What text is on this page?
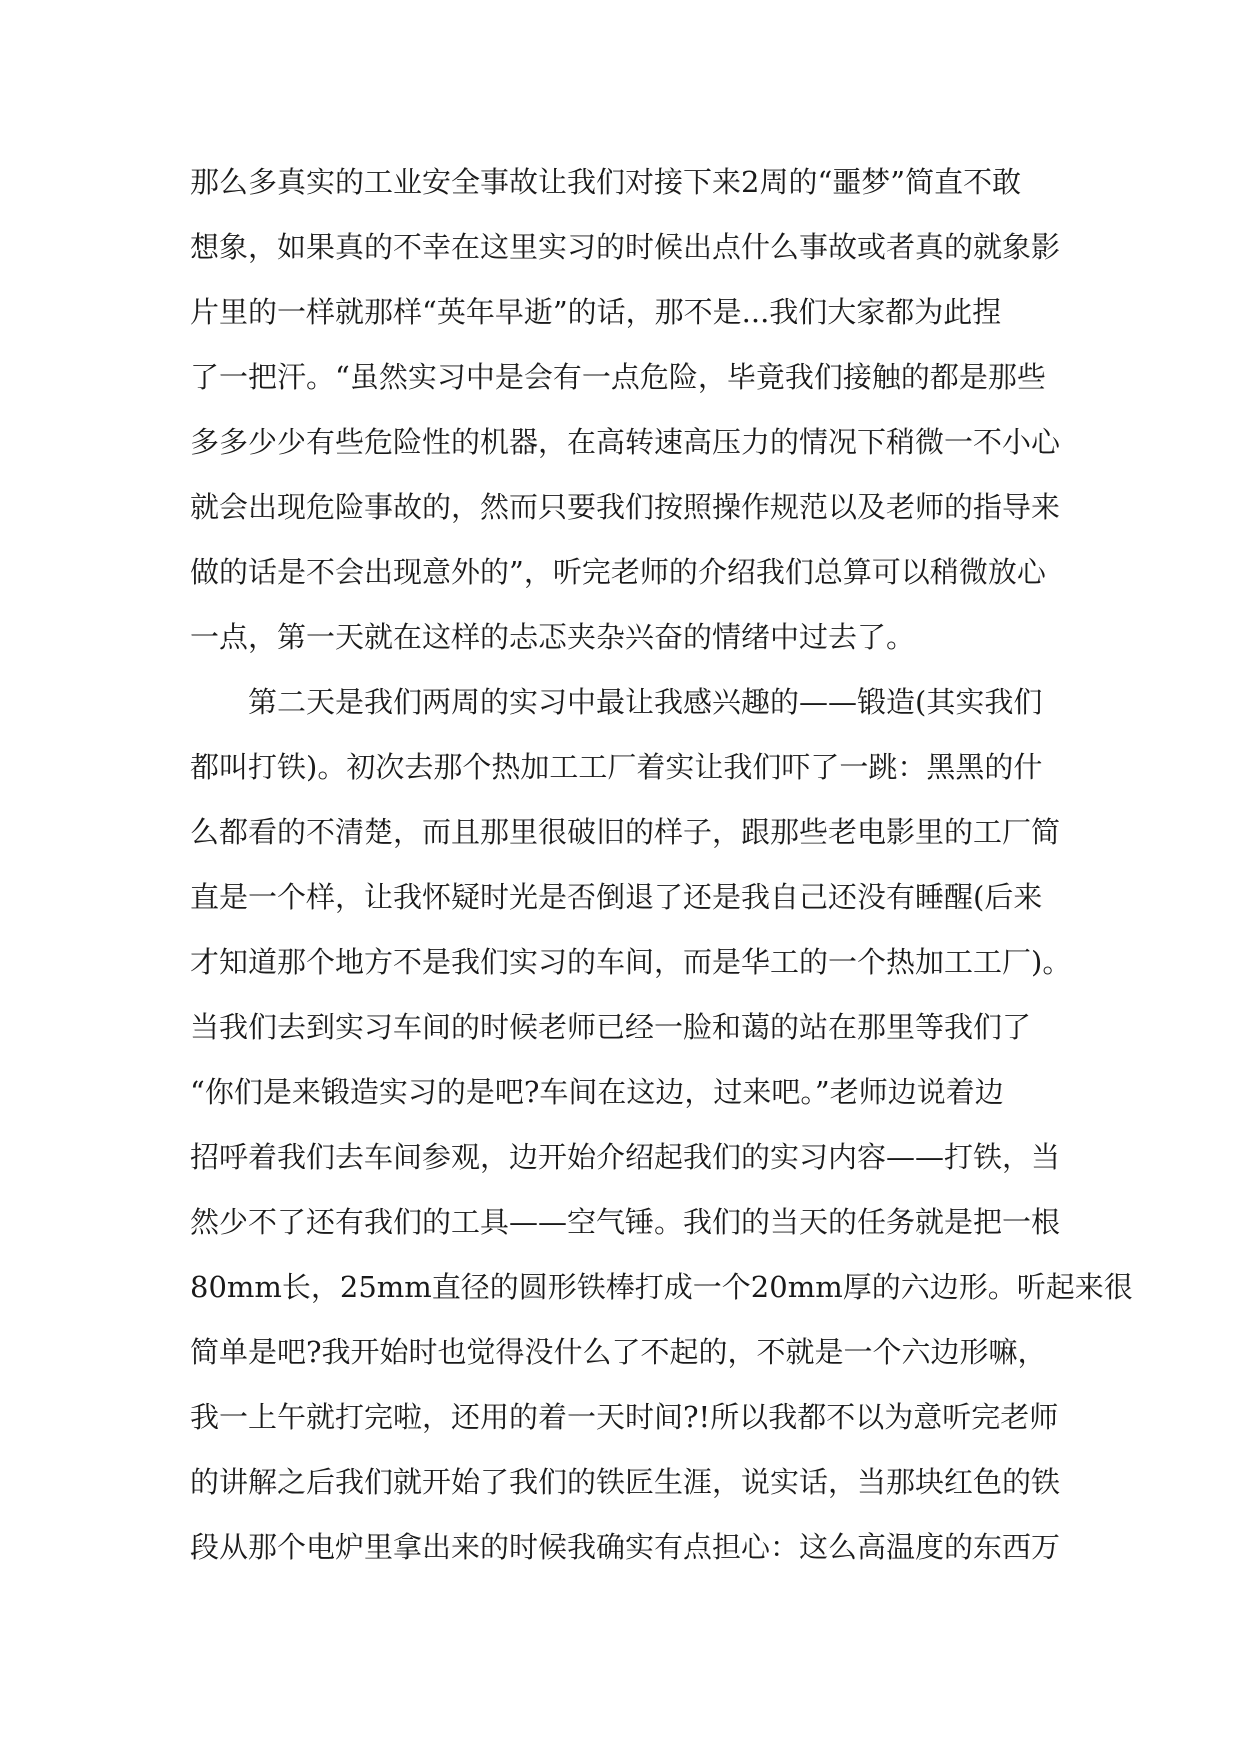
那么多真实的工业安全事故让我们对接下来2周的“噩梦”简直不敢
想象，如果真的不幸在这里实习的时候出点什么事故或者真的就象影
片里的一样就那样“英年早逝”的话，那不是...我们大家都为此捏
了一把汗。“虽然实习中是会有一点危险，毕竟我们接触的都是那些
多多少少有些危险性的机器，在高转速高压力的情况下稍微一不小心
就会出现危险事故的，然而只要我们按照操作规范以及老师的指导来
做的话是不会出现意外的”，听完老师的介绍我们总算可以稍微放心
一点，第一天就在这样的忐忑夹杂兴奋的情绪中过去了。
第二天是我们两周的实习中最让我感兴趣的——锻造(其实我们
都叫打铁)。初次去那个热加工工厂着实让我们吓了一跳：黑黑的什
么都看的不清楚，而且那里很破旧的样子，跟那些老电影里的工厂简
直是一个样，让我怀疑时光是否倒退了还是我自己还没有睡醒(后来
才知道那个地方不是我们实习的车间，而是华工的一个热加工工厂)。
当我们去到实习车间的时候老师已经一脸和蔼的站在那里等我们了
“你们是来锻造实习的是吧?车间在这边，过来吧。”老师边说着边
招呼着我们去车间参观，边开始介绍起我们的实习内容——打铁，当
然少不了还有我们的工具——空气锤。我们的当天的任务就是把一根
80mm长，25mm直径的圆形铁棒打成一个20mm厚的六边形。听起来很
简单是吧?我开始时也觉得没什么了不起的，不就是一个六边形嘛，
我一上午就打完啦，还用的着一天时间?!所以我都不以为意听完老师
的讲解之后我们就开始了我们的铁匠生涯，说实话，当那块红色的铁
段从那个电炉里拿出来的时候我确实有点担心：这么高温度的东西万
